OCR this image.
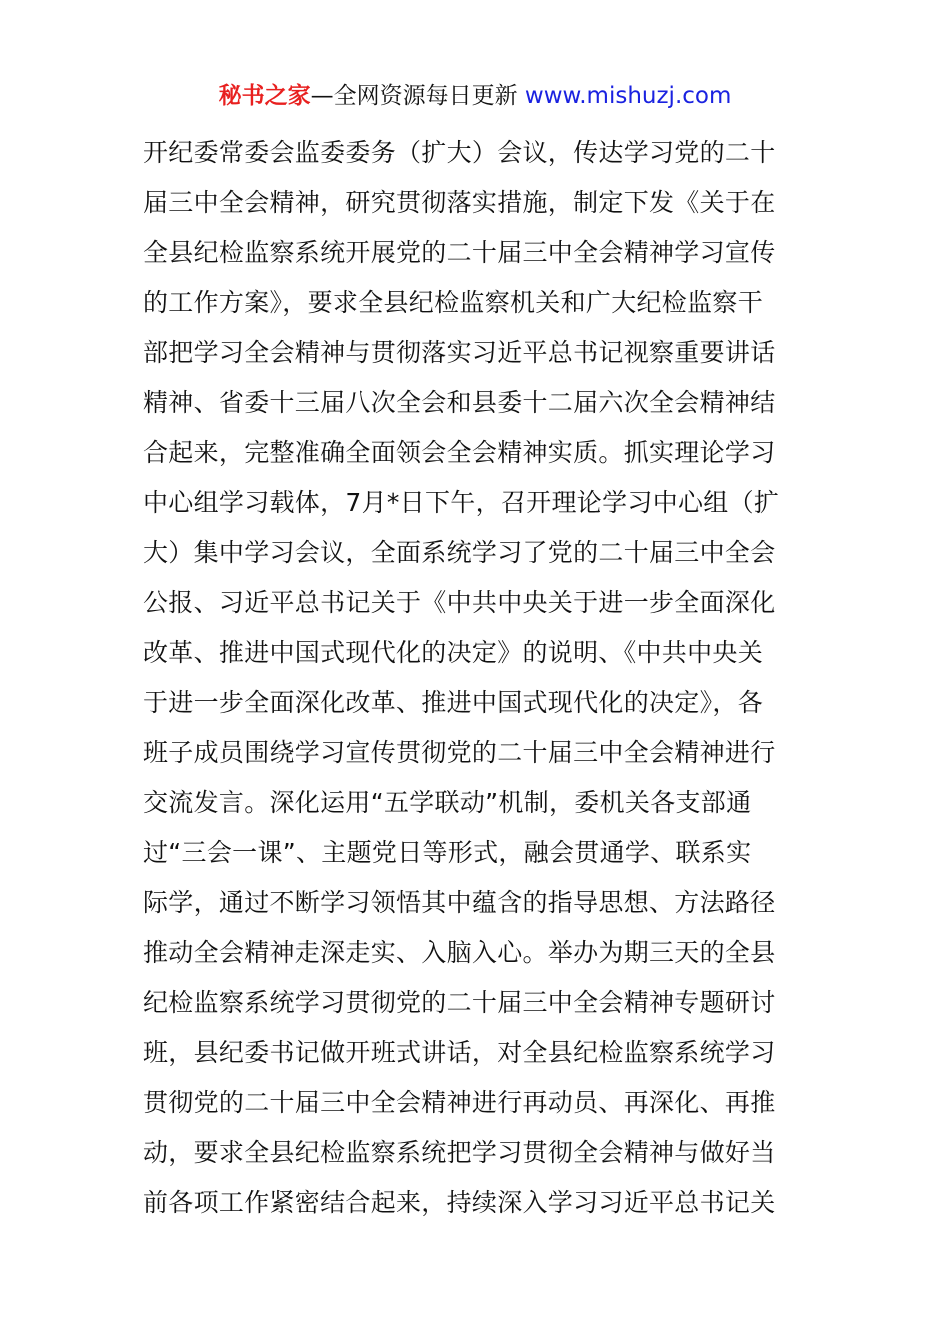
秘书之家—全网资源每日更新 www.mishuzj.com
开纪委常委会监委委务（扩大）会议，传达学习党的二十
届三中全会精神，研究贯彻落实措施，制定下发《关于在
全县纪检监察系统开展党的二十届三中全会精神学习宣传
的工作方案》，要求全县纪检监察机关和广大纪检监察干
部把学习全会精神与贯彻落实习近平总书记视察重要讲话
精神、省委十三届八次全会和县委十二届六次全会精神结
合起来，完整准确全面领会全会精神实质。抓实理论学习
中心组学习载体，7月*日下午，召开理论学习中心组（扩
大）集中学习会议，全面系统学习了党的二十届三中全会
公报、习近平总书记关于《中共中央关于进一步全面深化
改革、推进中国式现代化的决定》的说明、《中共中央关
于进一步全面深化改革、推进中国式现代化的决定》，各
班子成员围绕学习宣传贯彻党的二十届三中全会精神进行
交流发言。深化运用“五学联动”机制，委机关各支部通
过“三会一课”、主题党日等形式，融会贯通学、联系实
际学，通过不断学习领悟其中蕴含的指导思想、方法路径
推动全会精神走深走实、入脑入心。举办为期三天的全县
纪检监察系统学习贯彻党的二十届三中全会精神专题研讨
班，县纪委书记做开班式讲话，对全县纪检监察系统学习
贯彻党的二十届三中全会精神进行再动员、再深化、再推
动，要求全县纪检监察系统把学习贯彻全会精神与做好当
前各项工作紧密结合起来，持续深入学习习近平总书记关
